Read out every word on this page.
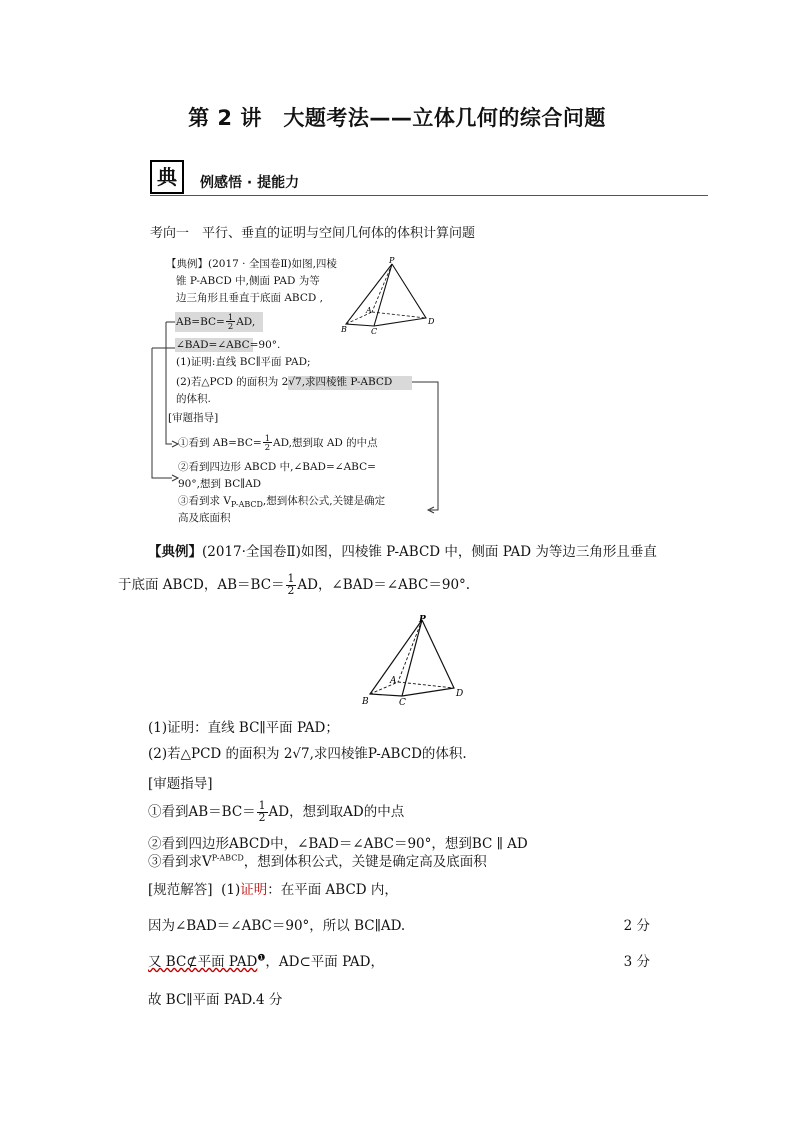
第 2 讲　大题考法——立体几何的综合问题
典	例感悟 · 提能力
考向一　平行、垂直的证明与空间几何体的体积计算问题
【典例】(2017 · 全国卷Ⅱ)如图,四棱
锥 P-ABCD 中,侧面 PAD 为等
边三角形且垂直于底面 ABCD ,
$AB=BC= \frac{1}{2}$ AD,
∠BAD=∠ABC=90°.
(1)证明:直线 BC∥平面 PAD;
(2)若△PCD 的面积为 2√7,求四棱锥 P-ABCD
的体积.
[审题指导]
①看到 $AB=BC= \frac{1}{2}$ AD,想到取 AD 的中点
②看到四边形 ABCD 中,∠BAD=∠ABC=
90°,想到 BC∥AD
③看到求 $V_{P-ABCD}$,想到体积公式,关键是确定
高及底面积
P
A
B	C
D
【典例】(2017·全国卷Ⅱ)如图，四棱锥 P-ABCD 中，侧面 PAD 为等边三角形且垂直
于底面 ABCD，$AB=BC= \frac{1}{2}$ AD，∠BAD＝∠ABC＝90°.
P
A
B	C
D
(1)证明：直线 BC∥平面 PAD；
(2)若△PCD 的面积为 2√7,求四棱锥P-ABCD的体积.
[审题指导]
①看到$AB=BC= \frac{1}{2}$ AD，想到取AD的中点
②看到四边形ABCD中，∠BAD＝∠ABC＝90°，想到BC ∥ AD
③看到求$V^{P-ABCD}$，想到体积公式，关键是确定高及底面积
[规范解答] (1)证明：在平面 ABCD 内，
因为∠BAD＝∠ABC＝90°，所以 BC∥AD.	2 分
又 BC⊄平面 $PAD^❶$，AD⊂平面 PAD，	3 分
故 BC∥平面 PAD.4 分
